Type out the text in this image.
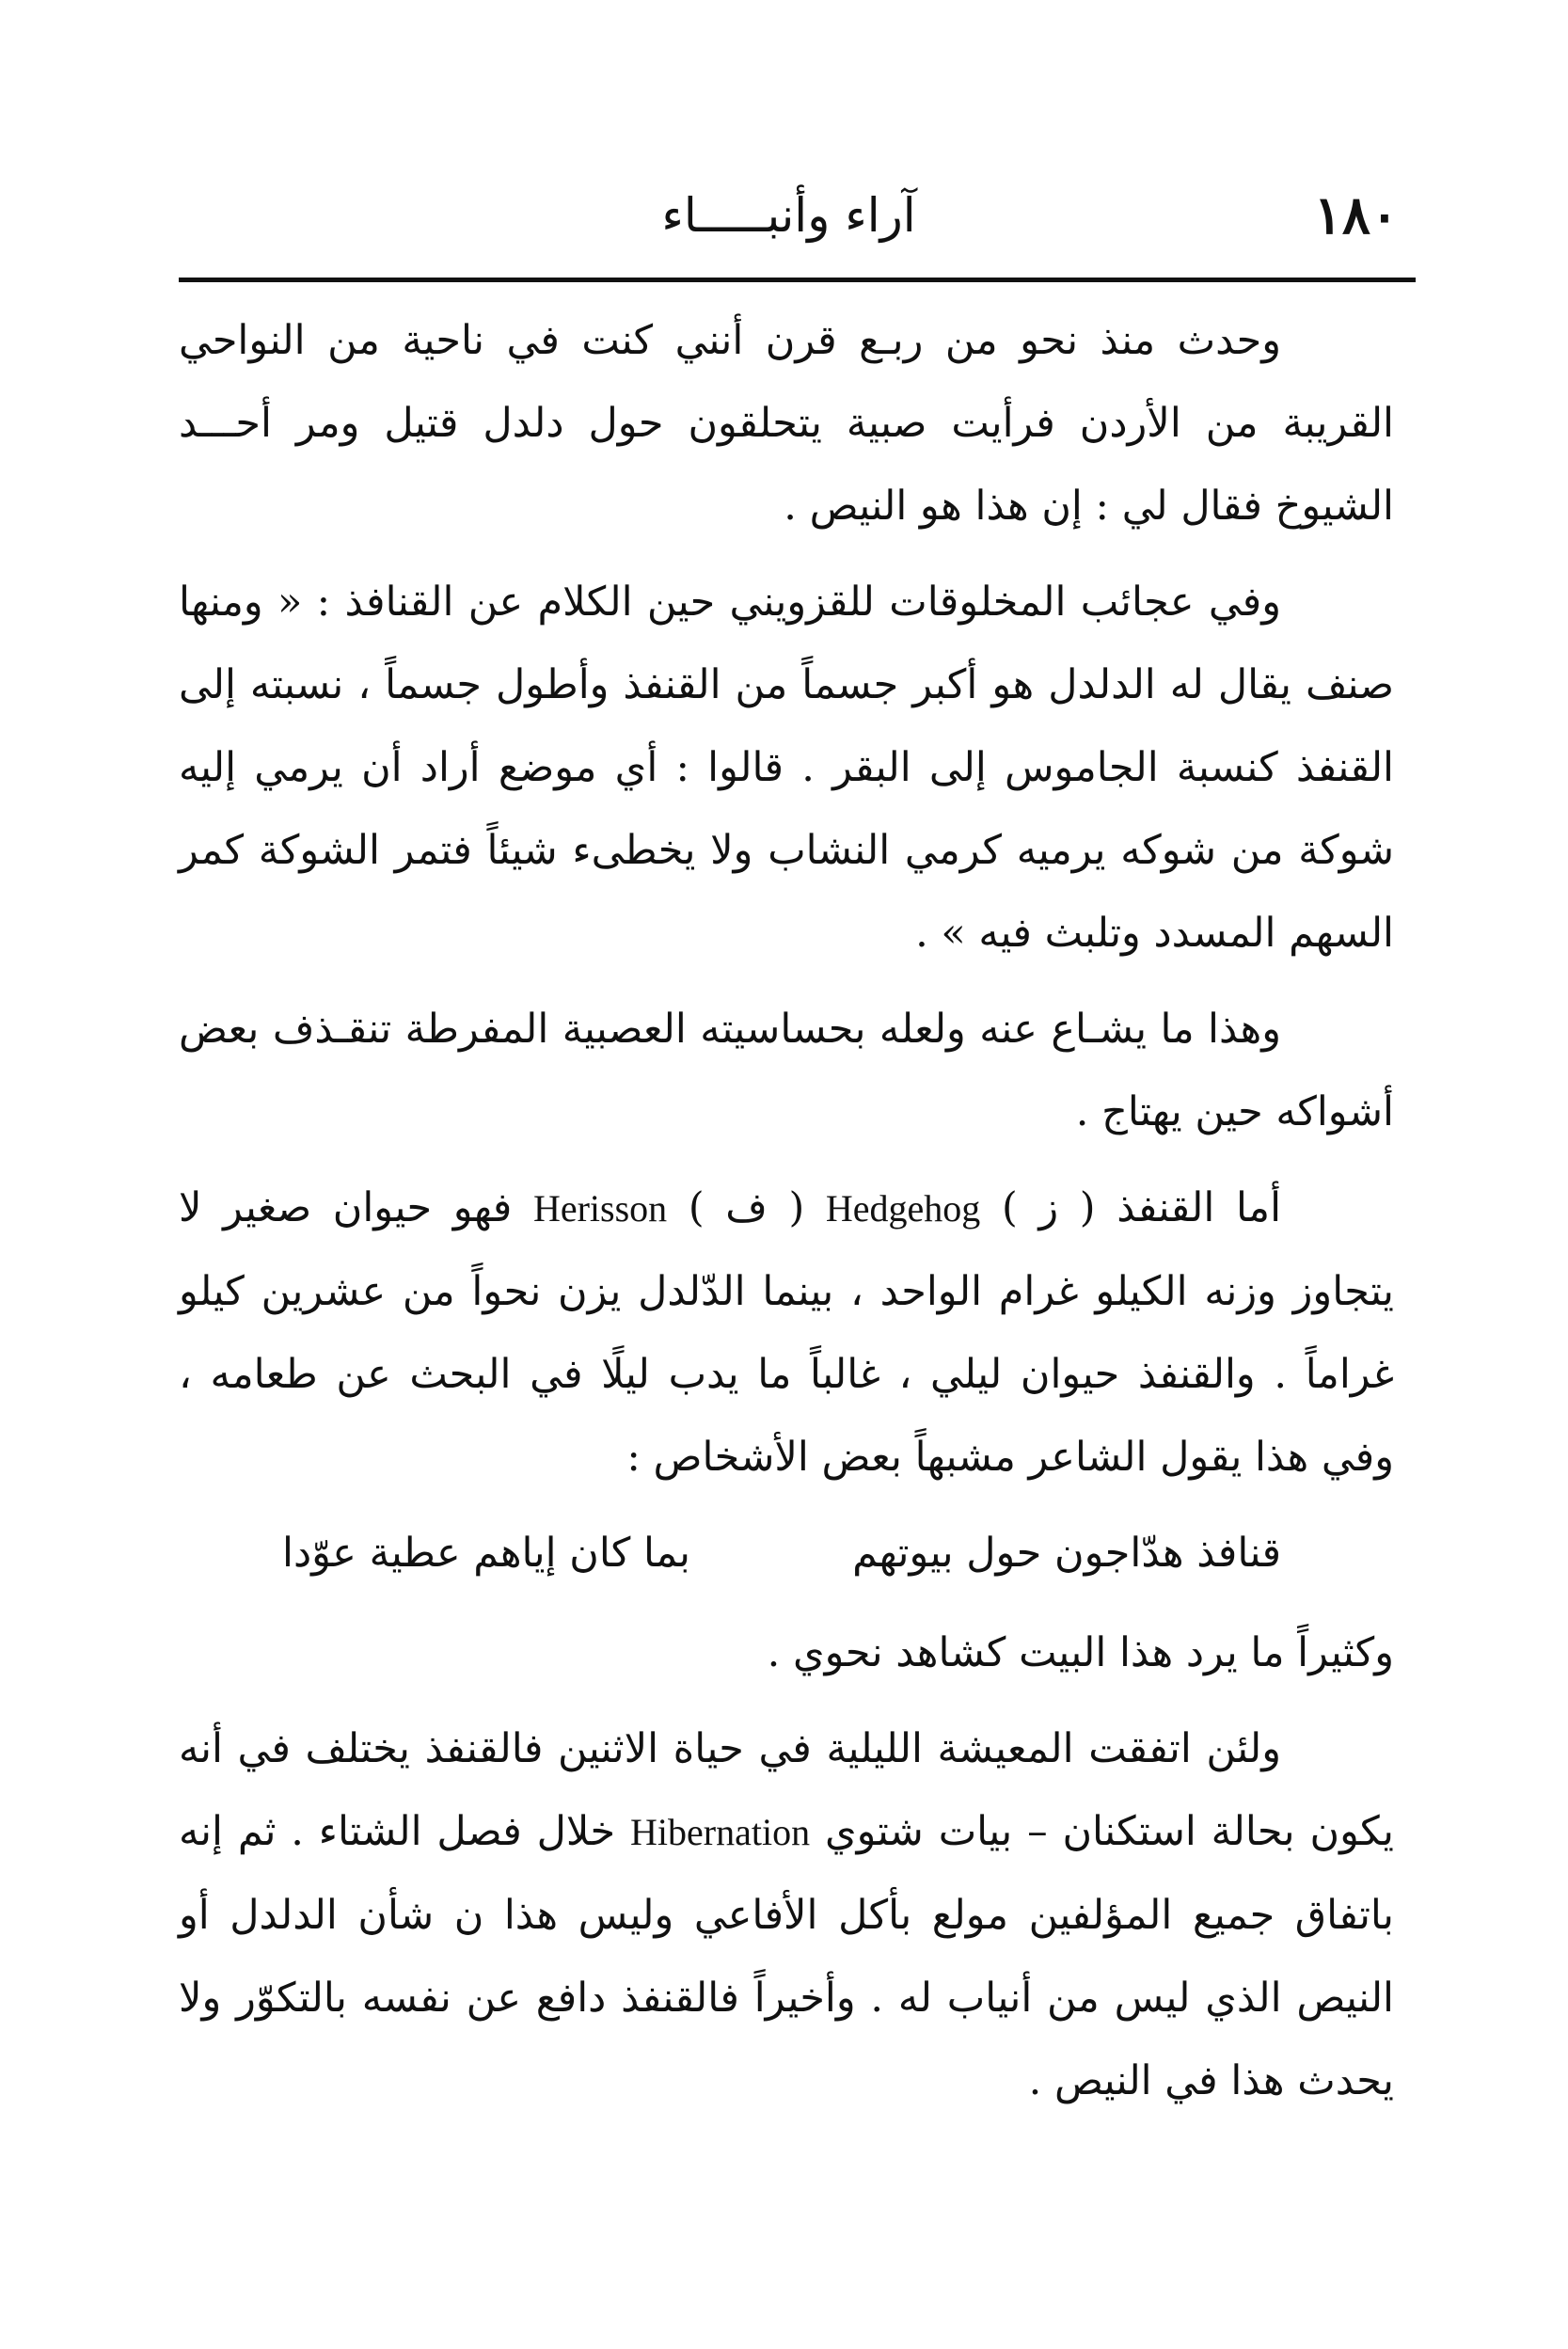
١٨٠
آراء وأنبـــــاء

وحدث منذ نحو من ربـع قرن أنني كنت في ناحية من النواحي القريبة من الأردن فرأيت صبية يتحلقون حول دلدل قتيل ومر أحـــد الشيوخ فقال لي : إن هذا هو النيص .

وفي عجائب المخلوقات للقزويني حين الكلام عن القنافذ : « ومنها صنف يقال له الدلدل هو أكبر جسماً من القنفذ وأطول جسماً ، نسبته إلى القنفذ كنسبة الجاموس إلى البقر . قالوا : أي موضع أراد أن يرمي إليه شوكة من شوكه يرميه كرمي النشاب ولا يخطىء شيئاً فتمر الشوكة كمر السهم المسدد وتلبث فيه » .

وهذا ما يشـاع عنه ولعله بحساسيته العصبية المفرطة تنقـذف بعض أشواكه حين يهتاج .

أما القنفذ ( ز ) Hedgehog ( ف ) Herisson فهو حيوان صغير لا يتجاوز وزنه الكيلو غرام الواحد ، بينما الدّلدل يزن نحواً من عشرين كيلو غراماً . والقنفذ حيوان ليلي ، غالباً ما يدب ليلًا في البحث عن طعامه ، وفي هذا يقول الشاعر مشبهاً بعض الأشخاص :

قنافذ هدّاجون حول بيوتهم
بما كان إياهم عطية عوّدا

وكثيراً ما يرد هذا البيت كشاهد نحوي .

ولئن اتفقت المعيشة الليلية في حياة الاثنين فالقنفذ يختلف في أنه يكون بحالة استكنان – بيات شتوي Hibernation خلال فصل الشتاء . ثم إنه باتفاق جميع المؤلفين مولع بأكل الأفاعي وليس هذا ن شأن الدلدل أو النيص الذي ليس من أنياب له . وأخيراً فالقنفذ دافع عن نفسه بالتكوّر ولا يحدث هذا في النيص .
